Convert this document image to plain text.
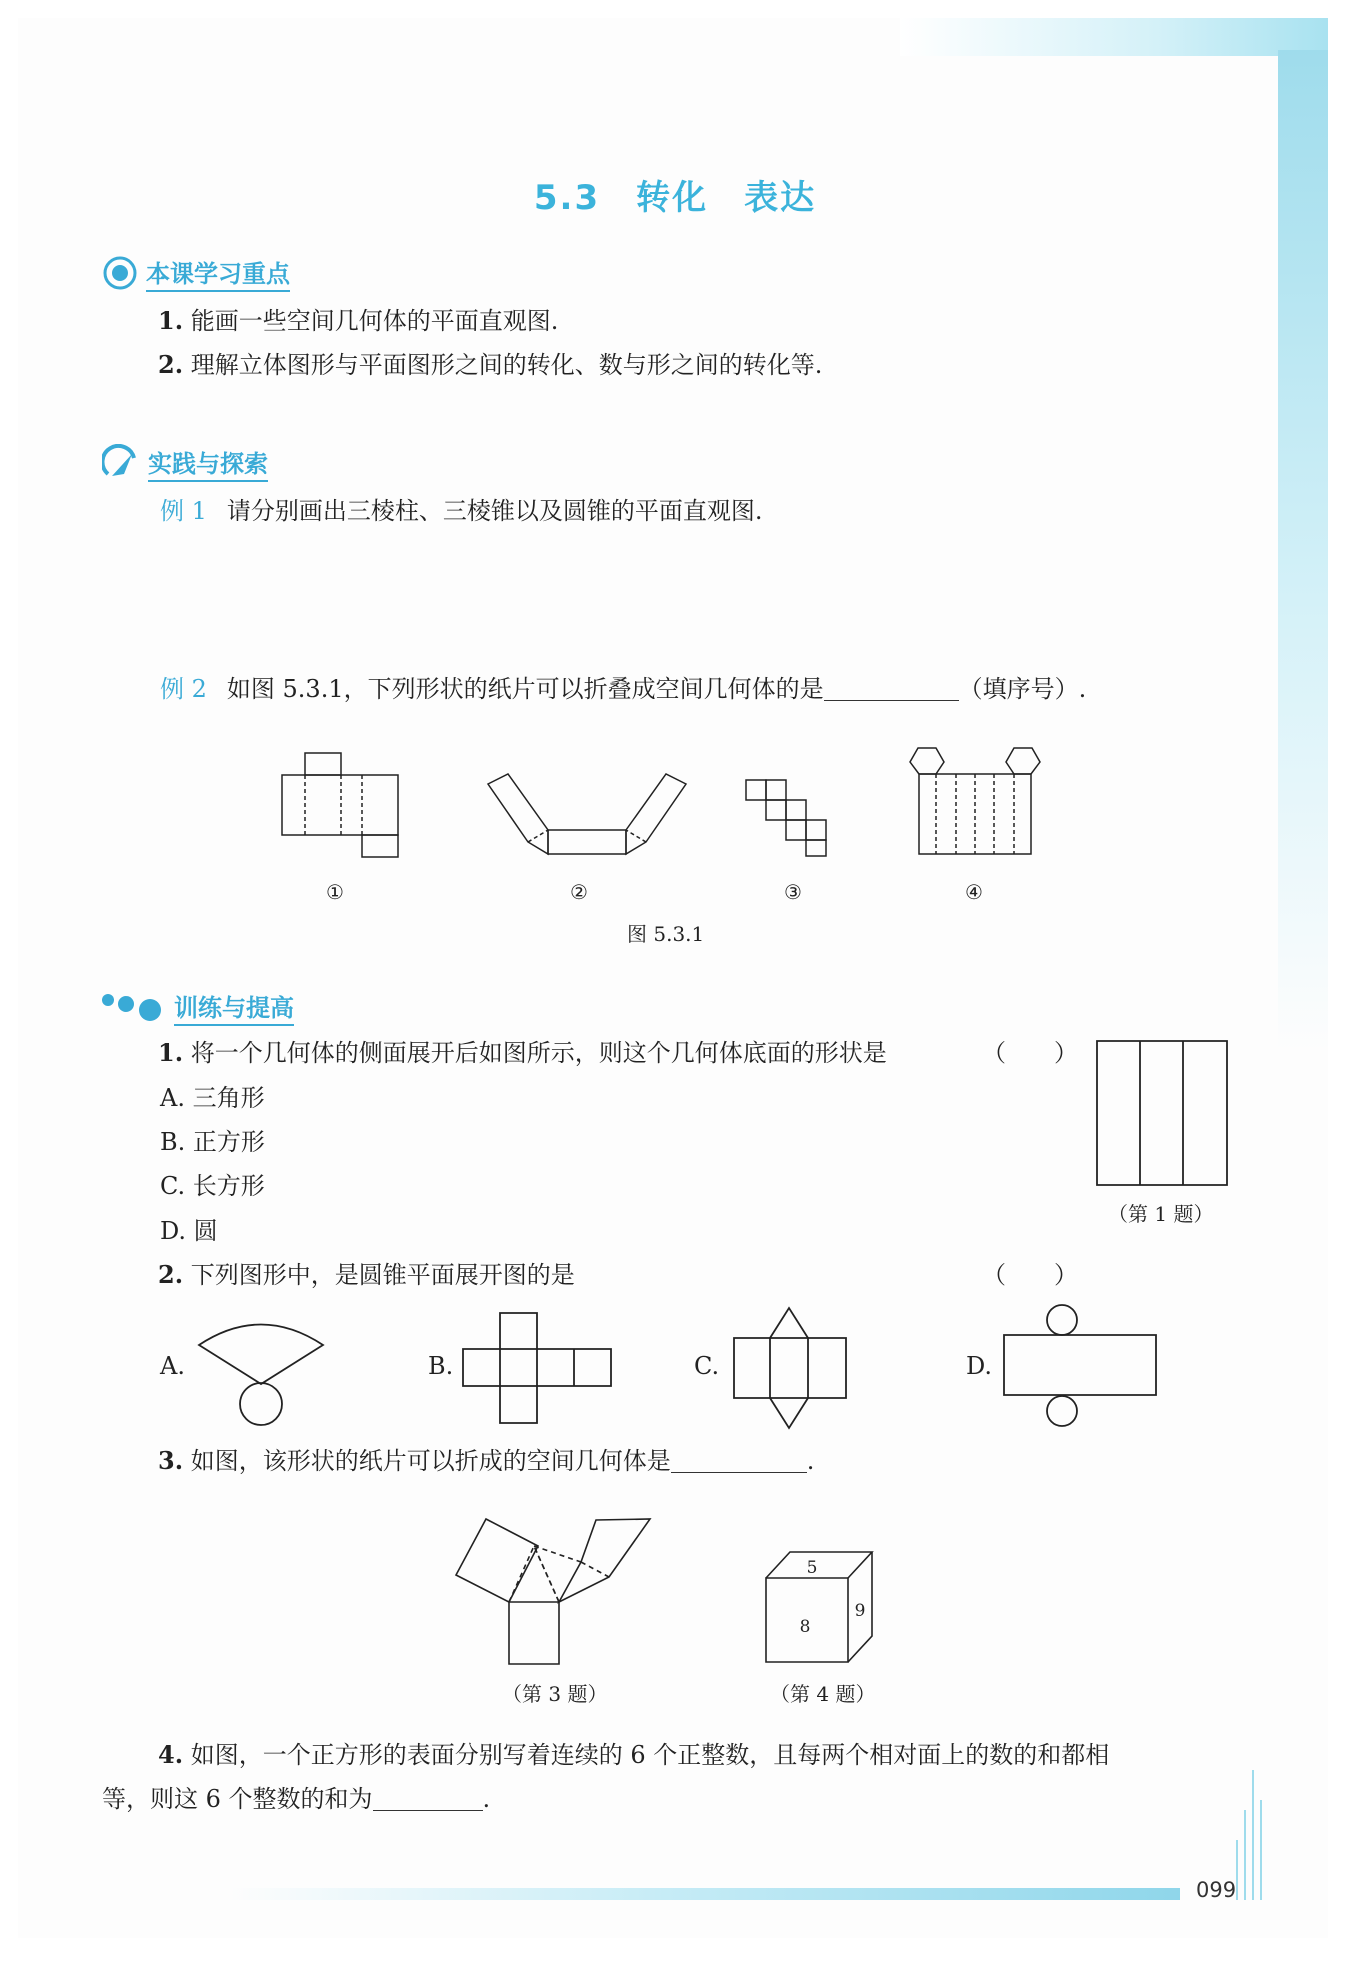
099
5.3　转化　表达
本课学习重点
1. 能画一些空间几何体的平面直观图.
2. 理解立体图形与平面图形之间的转化、数与形之间的转化等.
实践与探索
例 1 请分别画出三棱柱、三棱锥以及圆锥的平面直观图.
例 2 如图 5.3.1，下列形状的纸片可以折叠成空间几何体的是	（填序号）.
①	②	③	④
图 5.3.1
训练与提高
1. 将一个几何体的侧面展开后如图所示，则这个几何体底面的形状是	（　　）
A. 三角形
B. 正方形
C. 长方形
D. 圆
（第 1 题）
2. 下列图形中，是圆锥平面展开图的是	（　　）
A.	B.	C.	D.
3. 如图，该形状的纸片可以折成的空间几何体是	.
（第 3 题）
5
8
9
（第 4 题）
4. 如图，一个正方形的表面分别写着连续的 6 个正整数，且每两个相对面上的数的和都相
等，则这 6 个整数的和为	.
